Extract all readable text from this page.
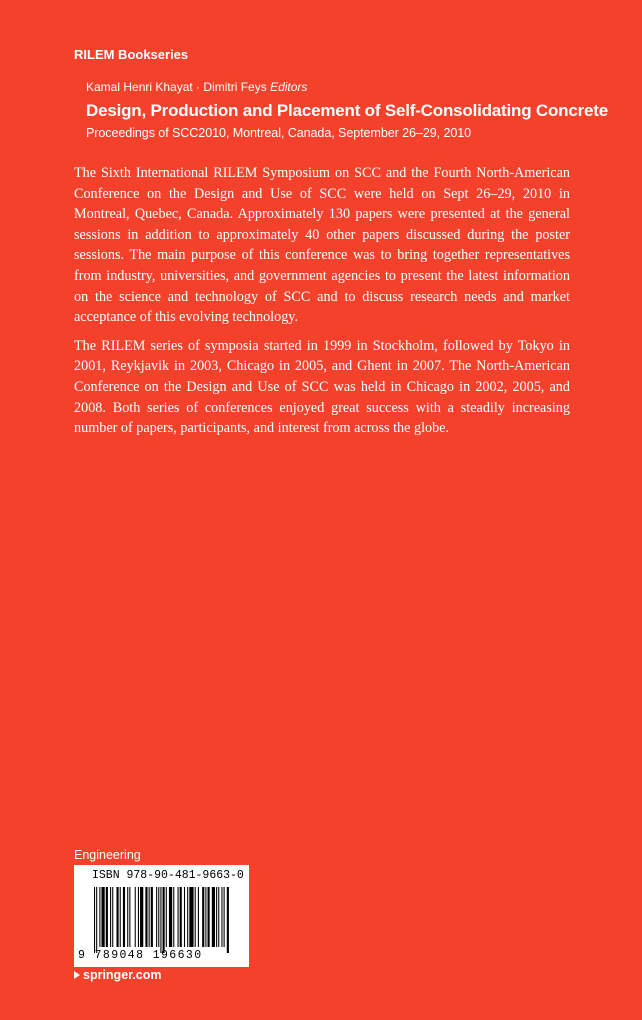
RILEM Bookseries
Kamal Henri Khayat · Dimitri Feys Editors
Design, Production and Placement of Self-Consolidating Concrete
Proceedings of SCC2010, Montreal, Canada, September 26–29, 2010

The Sixth International RILEM Symposium on SCC and the Fourth North-American Conference on the Design and Use of SCC were held on Sept 26–29, 2010 in Montreal, Quebec, Canada. Approximately 130 papers were presented at the general sessions in addition to approximately 40 other papers discussed during the poster sessions. The main purpose of this conference was to bring together representatives from industry, universities, and government agencies to present the latest information on the science and technology of SCC and to discuss research needs and market acceptance of this evolving technology.

The RILEM series of symposia started in 1999 in Stockholm, followed by Tokyo in 2001, Reykjavik in 2003, Chicago in 2005, and Ghent in 2007. The North-American Conference on the Design and Use of SCC was held in Chicago in 2002, 2005, and 2008. Both series of conferences enjoyed great success with a steadily increasing number of papers, participants, and interest from across the globe.

Engineering
ISBN 978-90-481-9663-0
9 789048 196630
springer.com
